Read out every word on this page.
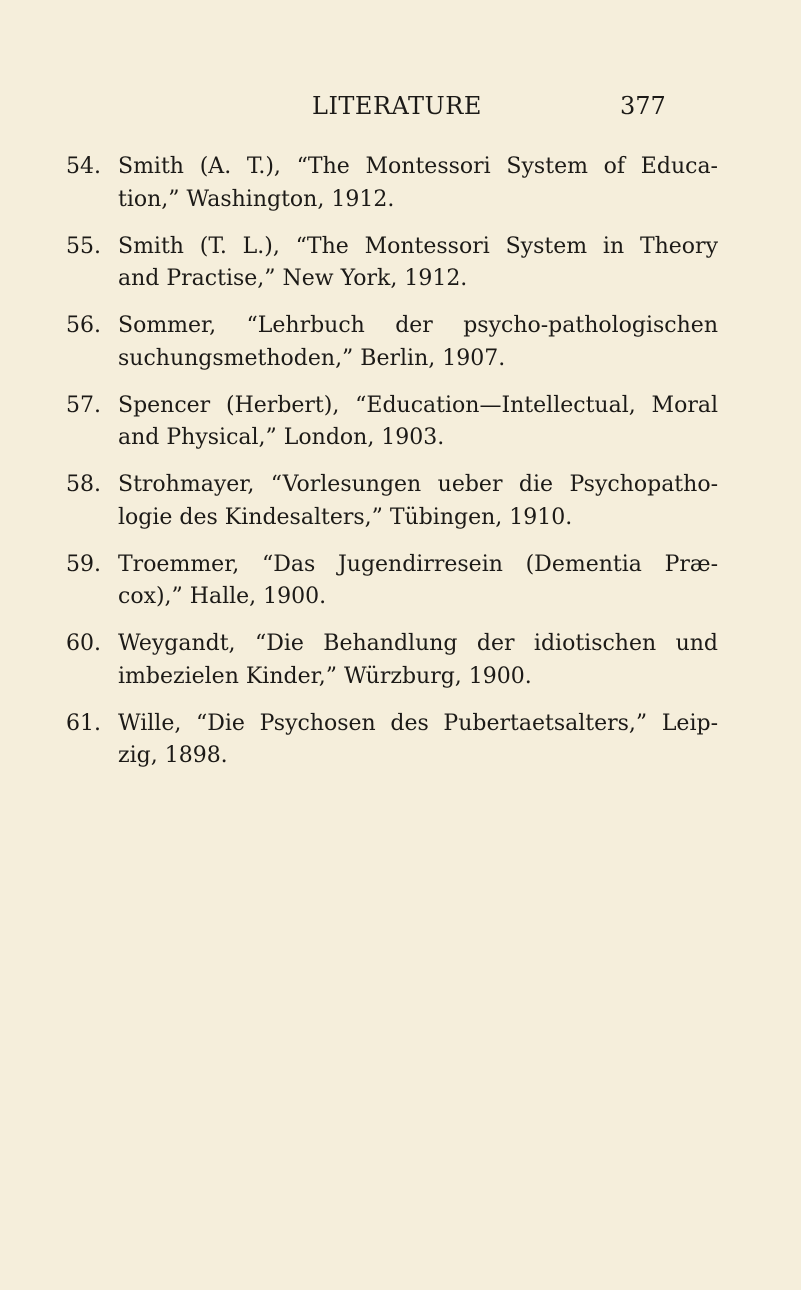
LITERATURE	377
54. Smith (A. T.), “The Montessori System of Educa-
tion,” Washington, 1912.
55. Smith (T. L.), “The Montessori System in Theory
and Practise,” New York, 1912.
56. Sommer, “Lehrbuch der psycho-pathologischen
suchungsmethoden,” Berlin, 1907.
57. Spencer (Herbert), “Education—Intellectual, Moral
and Physical,” London, 1903.
58. Strohmayer, “Vorlesungen ueber die Psychopatho-
logie des Kindesalters,” Tübingen, 1910.
59. Troemmer, “Das Jugendirresein (Dementia Præ-
cox),” Halle, 1900.
60. Weygandt, “Die Behandlung der idiotischen und
imbezielen Kinder,” Würzburg, 1900.
61. Wille, “Die Psychosen des Pubertaetsalters,” Leip-
zig, 1898.
